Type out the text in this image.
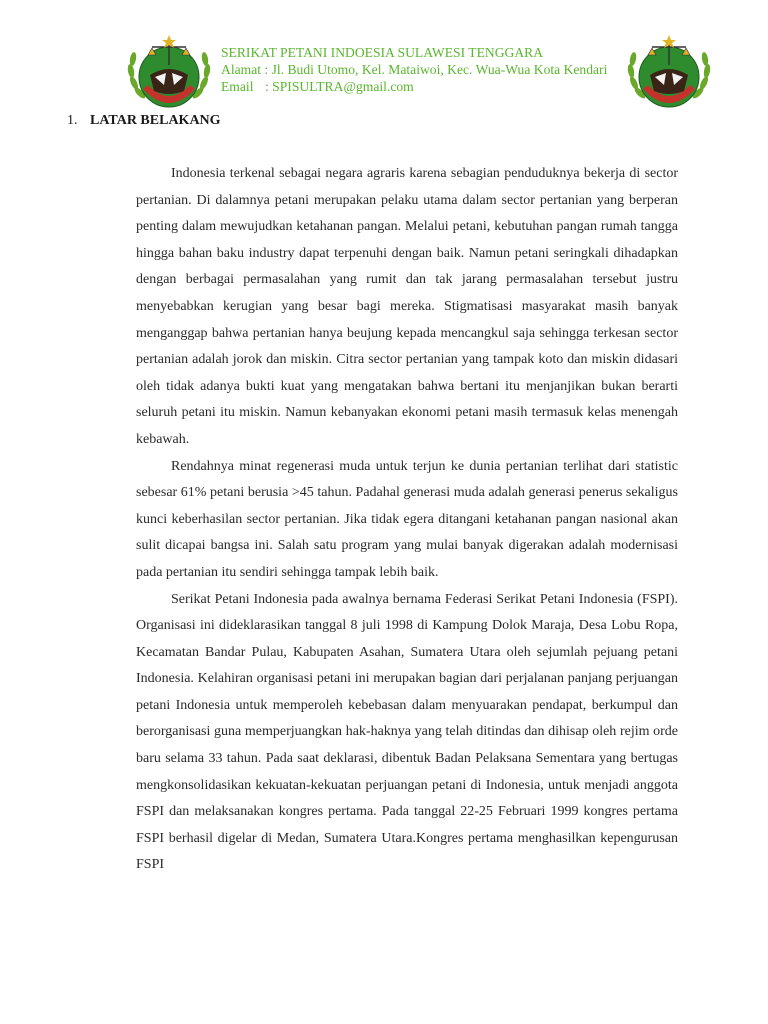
SERIKAT PETANI INDOESIA SULAWESI TENGGARA
Alamat : Jl. Budi Utomo, Kel. Mataiwoi, Kec. Wua-Wua Kota Kendari
Email : SPISULTRA@gmail.com
1. LATAR BELAKANG

Indonesia terkenal sebagai negara agraris karena sebagian penduduknya bekerja di sector pertanian. Di dalamnya petani merupakan pelaku utama dalam sector pertanian yang berperan penting dalam mewujudkan ketahanan pangan. Melalui petani, kebutuhan pangan rumah tangga hingga bahan baku industry dapat terpenuhi dengan baik. Namun petani seringkali dihadapkan dengan berbagai permasalahan yang rumit dan tak jarang permasalahan tersebut justru menyebabkan kerugian yang besar bagi mereka. Stigmatisasi masyarakat masih banyak menganggap bahwa pertanian hanya beujung kepada mencangkul saja sehingga terkesan sector pertanian adalah jorok dan miskin. Citra sector pertanian yang tampak koto dan miskin didasari oleh tidak adanya bukti kuat yang mengatakan bahwa bertani itu menjanjikan bukan berarti seluruh petani itu miskin. Namun kebanyakan ekonomi petani masih termasuk kelas menengah kebawah.

Rendahnya minat regenerasi muda untuk terjun ke dunia pertanian terlihat dari statistic sebesar 61% petani berusia >45 tahun. Padahal generasi muda adalah generasi penerus sekaligus kunci keberhasilan sector pertanian. Jika tidak egera ditangani ketahanan pangan nasional akan sulit dicapai bangsa ini. Salah satu program yang mulai banyak digerakan adalah modernisasi pada pertanian itu sendiri sehingga tampak lebih baik.

Serikat Petani Indonesia pada awalnya bernama Federasi Serikat Petani Indonesia (FSPI). Organisasi ini dideklarasikan tanggal 8 juli 1998 di Kampung Dolok Maraja, Desa Lobu Ropa, Kecamatan Bandar Pulau, Kabupaten Asahan, Sumatera Utara oleh sejumlah pejuang petani Indonesia. Kelahiran organisasi petani ini merupakan bagian dari perjalanan panjang perjuangan petani Indonesia untuk memperoleh kebebasan dalam menyuarakan pendapat, berkumpul dan berorganisasi guna memperjuangkan hak-haknya yang telah ditindas dan dihisap oleh rejim orde baru selama 33 tahun. Pada saat deklarasi, dibentuk Badan Pelaksana Sementara yang bertugas mengkonsolidasikan kekuatan-kekuatan perjuangan petani di Indonesia, untuk menjadi anggota FSPI dan melaksanakan kongres pertama. Pada tanggal 22-25 Februari 1999 kongres pertama FSPI berhasil digelar di Medan, Sumatera Utara.Kongres pertama menghasilkan kepengurusan FSPI
